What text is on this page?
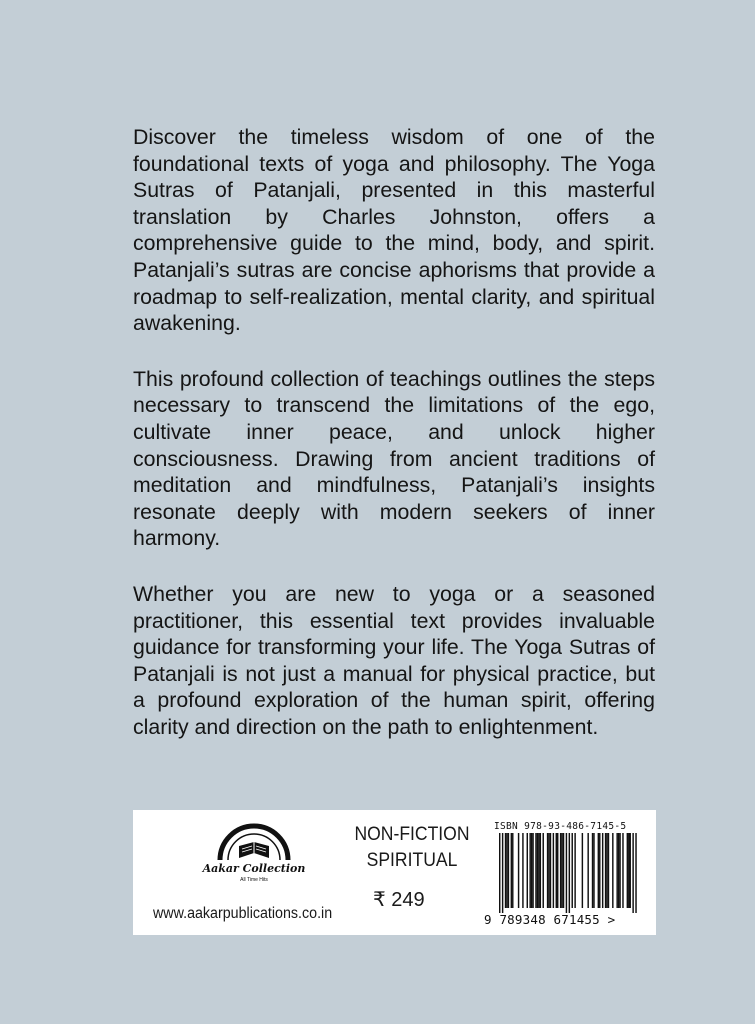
Discover the timeless wisdom of one of the foundational texts of yoga and philosophy. The Yoga Sutras of Patanjali, presented in this masterful translation by Charles Johnston, offers a comprehensive guide to the mind, body, and spirit. Patanjali’s sutras are concise aphorisms that provide a roadmap to self-realization, mental clarity, and spiritual awakening.

This profound collection of teachings outlines the steps necessary to transcend the limitations of the ego, cultivate inner peace, and unlock higher consciousness. Drawing from ancient traditions of meditation and mindfulness, Patanjali’s insights resonate deeply with modern seekers of inner harmony.

Whether you are new to yoga or a seasoned practitioner, this essential text provides invaluable guidance for transforming your life. The Yoga Sutras of Patanjali is not just a manual for physical practice, but a profound exploration of the human spirit, offering clarity and direction on the path to enlightenment.

Aakar Collection
All Time Hits
www.aakarpublications.co.in
NON-FICTION
SPIRITUAL
₹ 249
ISBN 978-93-486-7145-5
9 789348 671455 >
